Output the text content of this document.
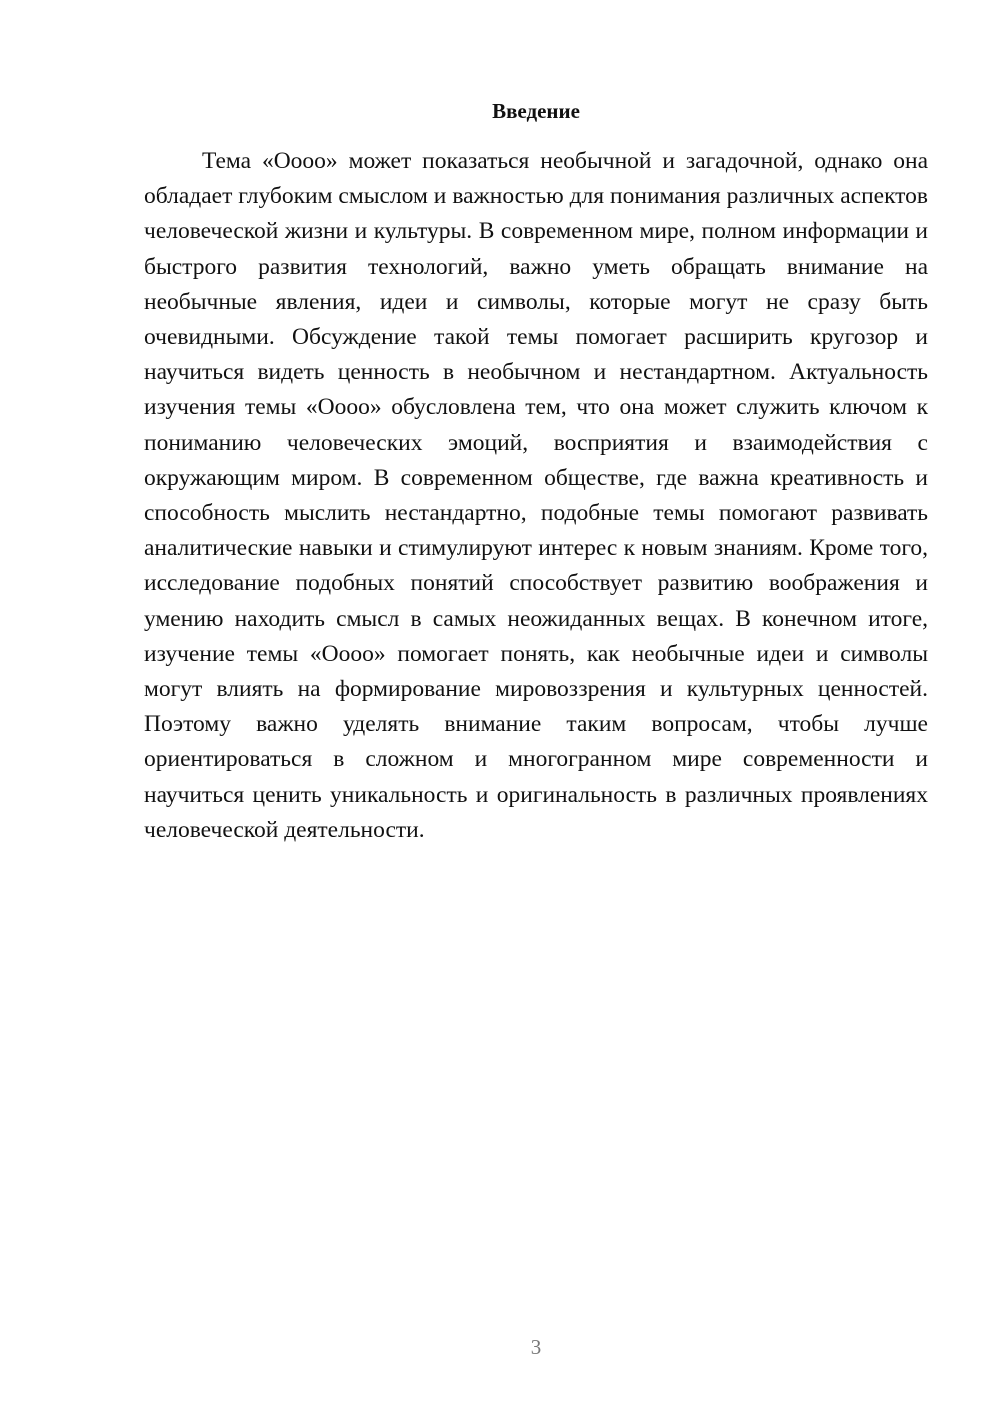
Введение

Тема «Оооо» может показаться необычной и загадочной, однако она обладает глубоким смыслом и важностью для понимания различных аспектов человеческой жизни и культуры. В современном мире, полном информации и быстрого развития технологий, важно уметь обращать внимание на необычные явления, идеи и символы, которые могут не сразу быть очевидными. Обсуждение такой темы помогает расширить кругозор и научиться видеть ценность в необычном и нестандартном. Актуальность изучения темы «Оооо» обусловлена тем, что она может служить ключом к пониманию человеческих эмоций, восприятия и взаимодействия с окружающим миром. В современном обществе, где важна креативность и способность мыслить нестандартно, подобные темы помогают развивать аналитические навыки и стимулируют интерес к новым знаниям. Кроме того, исследование подобных понятий способствует развитию воображения и умению находить смысл в самых неожиданных вещах. В конечном итоге, изучение темы «Оооо» помогает понять, как необычные идеи и символы могут влиять на формирование мировоззрения и культурных ценностей. Поэтому важно уделять внимание таким вопросам, чтобы лучше ориентироваться в сложном и многогранном мире современности и научиться ценить уникальность и оригинальность в различных проявлениях человеческой деятельности.

3
